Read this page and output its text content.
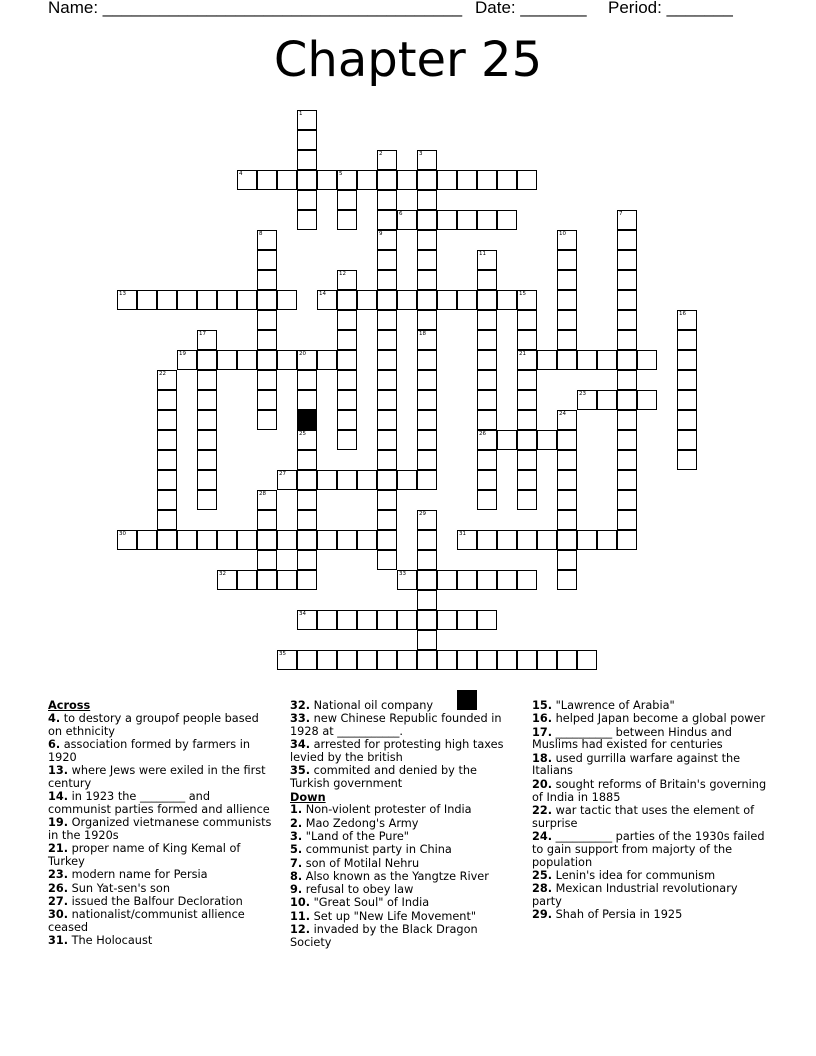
Name: ______________________________________ Date: _______ Period: _______
Chapter 25
1
2	3
18
4	5
6	7
8	9	10
11
26
12
13	14	15
21
16
17
19	20
22
23
24
25
27
28
29
30	31
32	33
34
35
Across
4. to destory a groupof people based on ethnicity
6. association formed by farmers in 1920
13. where Jews were exiled in the first century
14. in 1923 the ________ and communist parties formed and allience
19. Organized vietmanese communists in the 1920s
21. proper name of King Kemal of Turkey
23. modern name for Persia
26. Sun Yat-sen's son
27. issued the Balfour Decloration
30. nationalist/communist allience ceased
31. The Holocaust
32. National oil company
33. new Chinese Republic founded in 1928 at ___________.
34. arrested for protesting high taxes levied by the british
35. commited and denied by the Turkish government
Down
1. Non-violent protester of India
2. Mao Zedong's Army
3. "Land of the Pure"
5. communist party in China
7. son of Motilal Nehru
8. Also known as the Yangtze River
9. refusal to obey law
10. "Great Soul" of India
11. Set up "New Life Movement"
12. invaded by the Black Dragon Society
15. "Lawrence of Arabia"
16. helped Japan become a global power
17. __________ between Hindus and Muslims had existed for centuries
18. used gurrilla warfare against the Italians
20. sought reforms of Britain's governing of India in 1885
22. war tactic that uses the element of surprise
24. __________ parties of the 1930s failed to gain support from majorty of the population
25. Lenin's idea for communism
28. Mexican Industrial revolutionary party
29. Shah of Persia in 1925
